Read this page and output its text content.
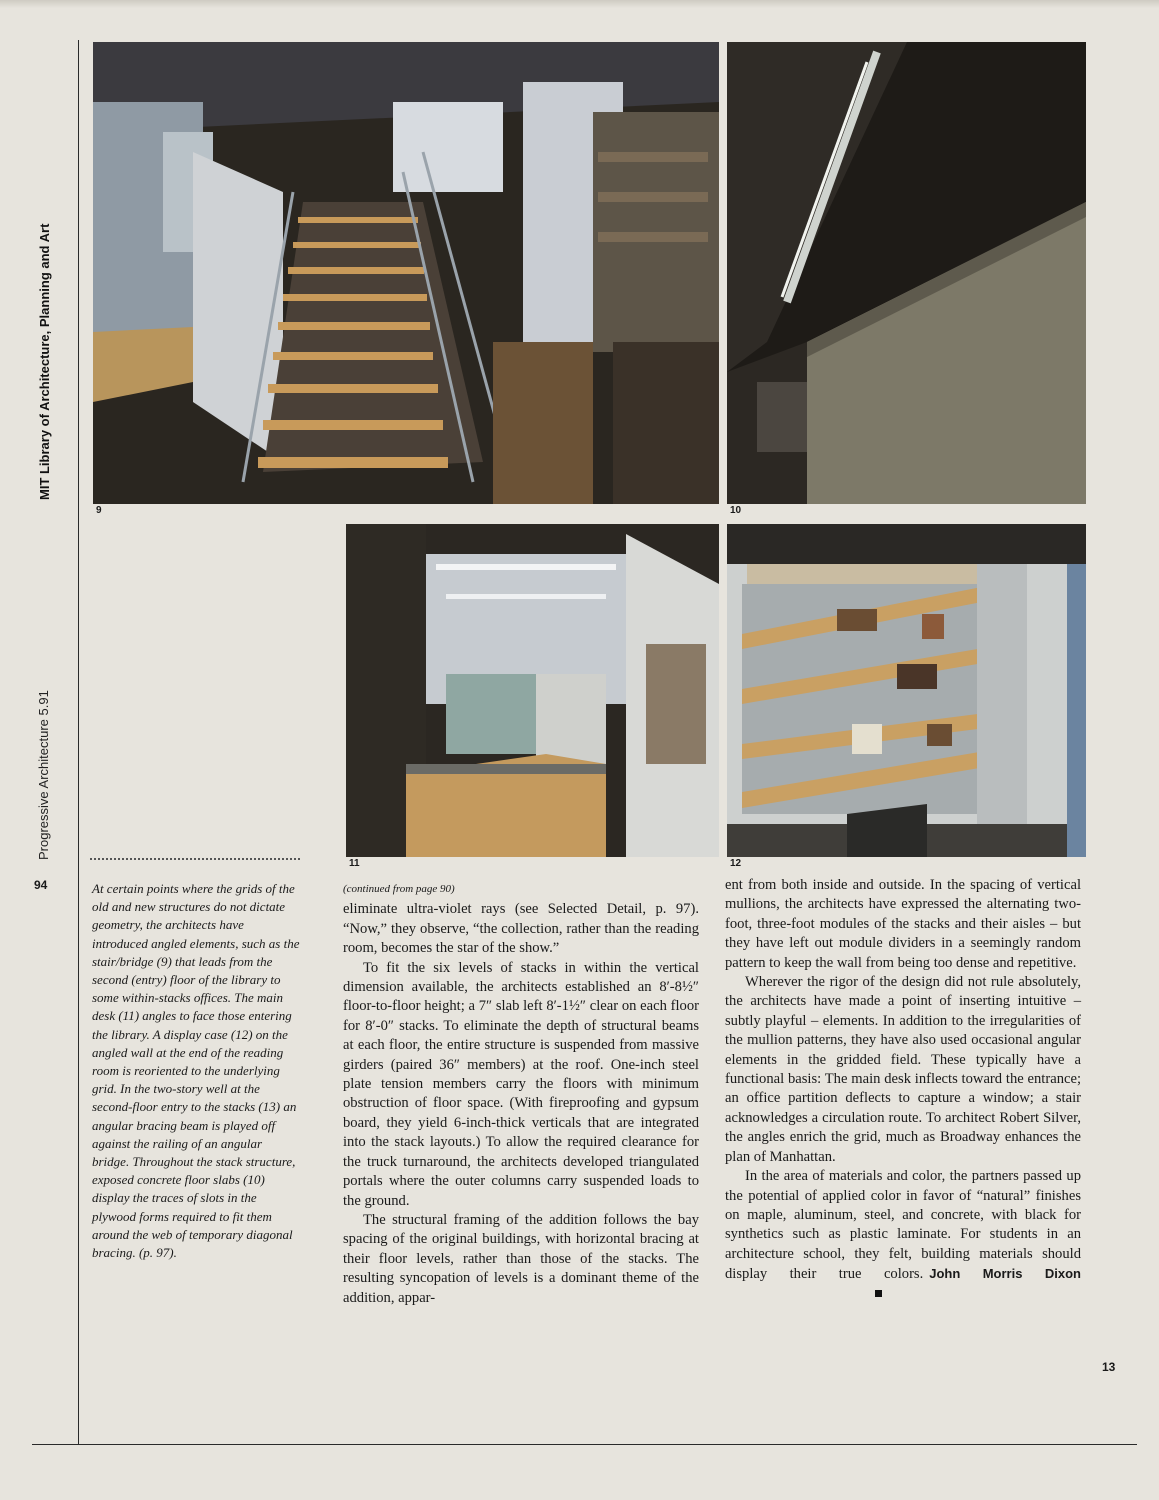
MIT Library of Architecture, Planning and Art
Progressive Architecture 5.91
94
9	10
11	12

At certain points where the grids of the old and new structures do not dictate geometry, the architects have introduced angled elements, such as the stair/bridge (9) that leads from the second (entry) floor of the library to some within-stacks offices. The main desk (11) angles to face those entering the library. A display case (12) on the angled wall at the end of the reading room is reoriented to the underlying grid. In the two-story well at the second-floor entry to the stacks (13) an angular bracing beam is played off against the railing of an angular bridge. Throughout the stack structure, exposed concrete floor slabs (10) display the traces of slots in the plywood forms required to fit them around the web of temporary diagonal bracing. (p. 97).

(continued from page 90)

eliminate ultra-violet rays (see Selected Detail, p. 97). “Now,” they observe, “the collection, rather than the reading room, becomes the star of the show.”

To fit the six levels of stacks in within the vertical dimension available, the architects established an 8′-8½″ floor-to-floor height; a 7″ slab left 8′-1½″ clear on each floor for 8′-0″ stacks. To eliminate the depth of structural beams at each floor, the entire structure is suspended from massive girders (paired 36″ members) at the roof. One-inch steel plate tension members carry the floors with minimum obstruction of floor space. (With fireproofing and gypsum board, they yield 6-inch-thick verticals that are integrated into the stack layouts.) To allow the required clearance for the truck turnaround, the architects developed triangulated portals where the outer columns carry suspended loads to the ground.

The structural framing of the addition follows the bay spacing of the original buildings, with horizontal bracing at their floor levels, rather than those of the stacks. The resulting syncopation of levels is a dominant theme of the addition, appar-

ent from both inside and outside. In the spacing of vertical mullions, the architects have expressed the alternating two-foot, three-foot modules of the stacks and their aisles – but they have left out module dividers in a seemingly random pattern to keep the wall from being too dense and repetitive.

Wherever the rigor of the design did not rule absolutely, the architects have made a point of inserting intuitive – subtly playful – elements. In addition to the irregularities of the mullion patterns, they have also used occasional angular elements in the gridded field. These typically have a functional basis: The main desk inflects toward the entrance; an office partition deflects to capture a window; a stair acknowledges a circulation route. To architect Robert Silver, the angles enrich the grid, much as Broadway enhances the plan of Manhattan.

In the area of materials and color, the partners passed up the potential of applied color in favor of “natural” finishes on maple, aluminum, steel, and concrete, with black for synthetics such as plastic laminate. For students in an architecture school, they felt, building materials should display their true colors. John Morris Dixon

13
